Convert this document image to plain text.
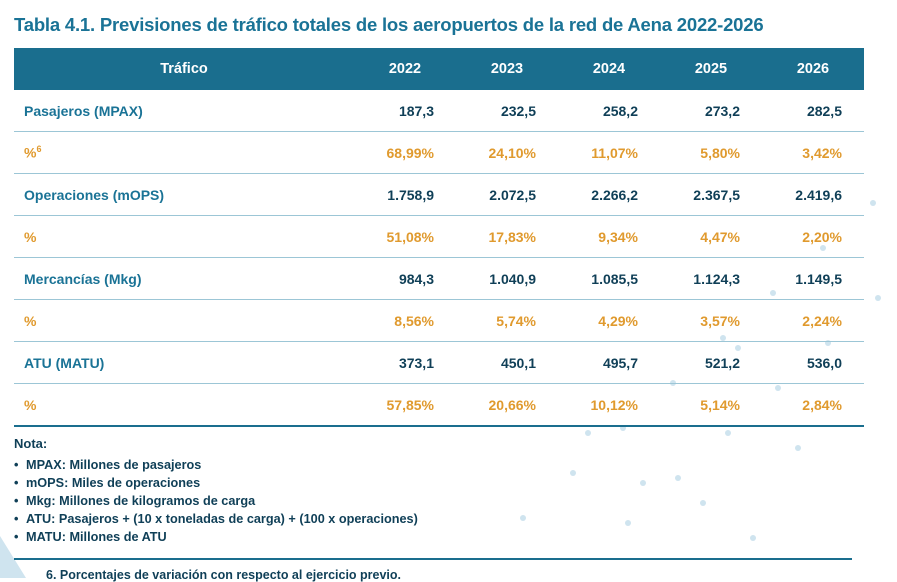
Tabla 4.1. Previsiones de tráfico totales de los aeropuertos de la red de Aena 2022-2026
Tráfico	2022	2023	2024	2025	2026
Pasajeros (MPAX)	187,3	232,5	258,2	273,2	282,5
%$^6$	68,99%	24,10%	11,07%	5,80%	3,42%
Operaciones (mOPS)	1.758,9	2.072,5	2.266,2	2.367,5	2.419,6
%	51,08%	17,83%	9,34%	4,47%	2,20%
Mercancías (Mkg)	984,3	1.040,9	1.085,5	1.124,3	1.149,5
%	8,56%	5,74%	4,29%	3,57%	2,24%
ATU (MATU)	373,1	450,1	495,7	521,2	536,0
%	57,85%	20,66%	10,12%	5,14%	2,84%
Nota:
• MPAX: Millones de pasajeros
• mOPS: Miles de operaciones
• Mkg: Millones de kilogramos de carga
• ATU: Pasajeros + (10 x toneladas de carga) + (100 x operaciones)
• MATU: Millones de ATU
6. Porcentajes de variación con respecto al ejercicio previo.
